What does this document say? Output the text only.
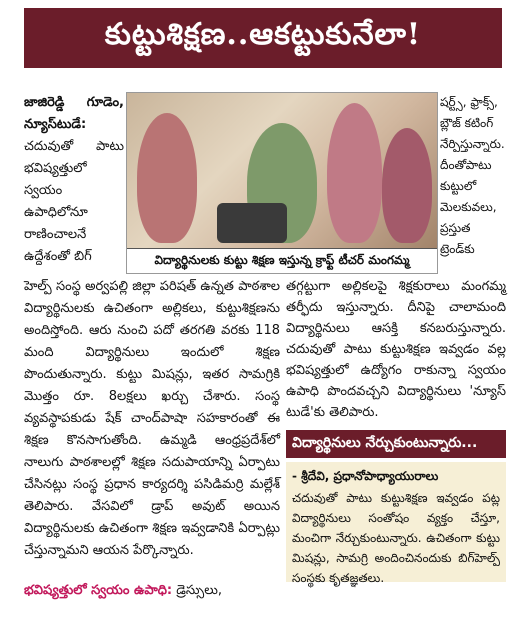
కుట్టుశిక్షణ..ఆకట్టుకునేలా!
జాజిరెడ్డి గూడెం, న్యూస్‌టుడే: చదువుతో పాటు భవిష్యత్తులో స్వయం ఉపాధిలోనూ రాణించాలనే ఉద్దేశంతో బిగ్‌	విద్యార్థినులకు కుట్టు శిక్షణ ఇస్తున్న క్రాఫ్ట్ టీచర్ మంగమ్మ
షర్ట్స్, ఫ్రాక్స్, బ్లౌజ్ కటింగ్ నేర్పిస్తున్నారు. దీంతోపాటు కుట్టులో మెలకువలు, ప్రస్తుత ట్రెండ్‌కు
హెల్ప్ సంస్థ అర్వపల్లి జిల్లా పరిషత్ ఉన్నత పాఠశాల విద్యార్థినులకు ఉచితంగా అల్లికలు, కుట్టుశిక్షణను అందిస్తోంది. ఆరు నుంచి పదో తరగతి వరకు 118 మంది విద్యార్థినులు ఇందులో శిక్షణ పొందుతున్నారు. కుట్టు మిషన్లు, ఇతర సామగ్రికి మొత్తం రూ. 8లక్షలు ఖర్చు చేశారు. సంస్థ వ్యవస్థాపకుడు షేక్ చాంద్‌పాషా సహకారంతో ఈ శిక్షణ కొనసాగుతోంది. ఉమ్మడి ఆంధ్రప్రదేశ్‌లో నాలుగు పాఠశాలల్లో శిక్షణ సదుపాయాన్ని ఏర్పాటు చేసినట్లు సంస్థ ప్రధాన కార్యదర్శి పసిడిమర్రి మల్లేశ్ తెలిపారు. వేసవిలో డ్రాప్ అవుట్ అయిన విద్యార్థినులకు ఉచితంగా శిక్షణ ఇవ్వడానికి ఏర్పాట్లు చేస్తున్నామని ఆయన పేర్కొన్నారు.
భవిష్యత్తులో స్వయం ఉపాధి: డ్రెస్సులు,
తగ్గట్టుగా అల్లికలపై శిక్షకురాలు మంగమ్మ తర్ఫీదు ఇస్తున్నారు. దీనిపై చాలామంది విద్యార్థినులు ఆసక్తి కనబరుస్తున్నారు. చదువుతో పాటు కుట్టుశిక్షణ ఇవ్వడం వల్ల భవిష్యత్తులో ఉద్యోగం రాకున్నా స్వయం ఉపాధి పొందవచ్చని విద్యార్థినులు 'న్యూస్ టుడే'కు తెలిపారు.
విద్యార్థినులు నేర్చుకుంటున్నారు...
- శ్రీదేవి, ప్రధానోపాధ్యాయురాలు
చదువుతో పాటు కుట్టుశిక్షణ ఇవ్వడం పట్ల విద్యార్థినులు సంతోషం వ్యక్తం చేస్తూ, మంచిగా నేర్చుకుంటున్నారు. ఉచితంగా కుట్టు మిషన్లు, సామగ్రి అందించినందుకు బిగ్‌హెల్ప్ సంస్థకు కృతజ్ఞతలు.
